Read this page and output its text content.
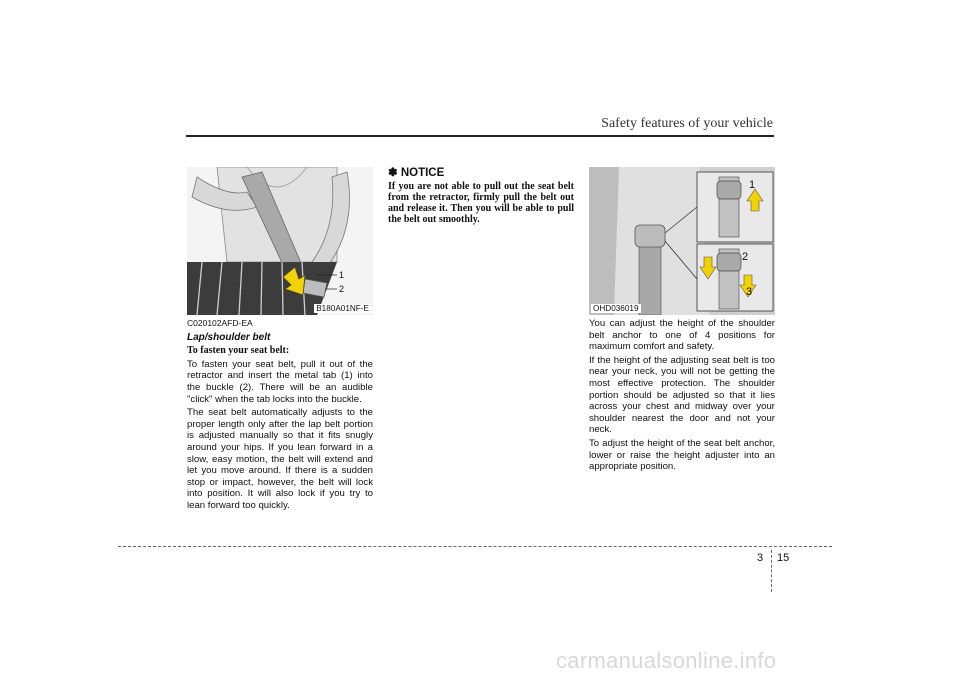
Safety features of your vehicle
1
2
B180A01NF-E
1
2
3
OHD036019
C020102AFD-EA
Lap/shoulder belt
To fasten your seat belt:

To fasten your seat belt, pull it out of the retractor and insert the metal tab (1) into the buckle (2). There will be an audible "click" when the tab locks into the buckle.

The seat belt automatically adjusts to the proper length only after the lap belt portion is adjusted manually so that it fits snugly around your hips. If you lean forward in a slow, easy motion, the belt will extend and let you move around. If there is a sudden stop or impact, however, the belt will lock into position. It will also lock if you try to lean forward too quickly.

✽ NOTICE
If you are not able to pull out the seat belt from the retractor, firmly pull the belt out and release it. Then you will be able to pull the belt out smoothly.

You can adjust the height of the shoulder belt anchor to one of 4 positions for maximum comfort and safety.

If the height of the adjusting seat belt is too near your neck, you will not be getting the most effective protection. The shoulder portion should be adjusted so that it lies across your chest and midway over your shoulder nearest the door and not your neck.

To adjust the height of the seat belt anchor, lower or raise the height adjuster into an appropriate position.

3 15
carmanualsonline.info
